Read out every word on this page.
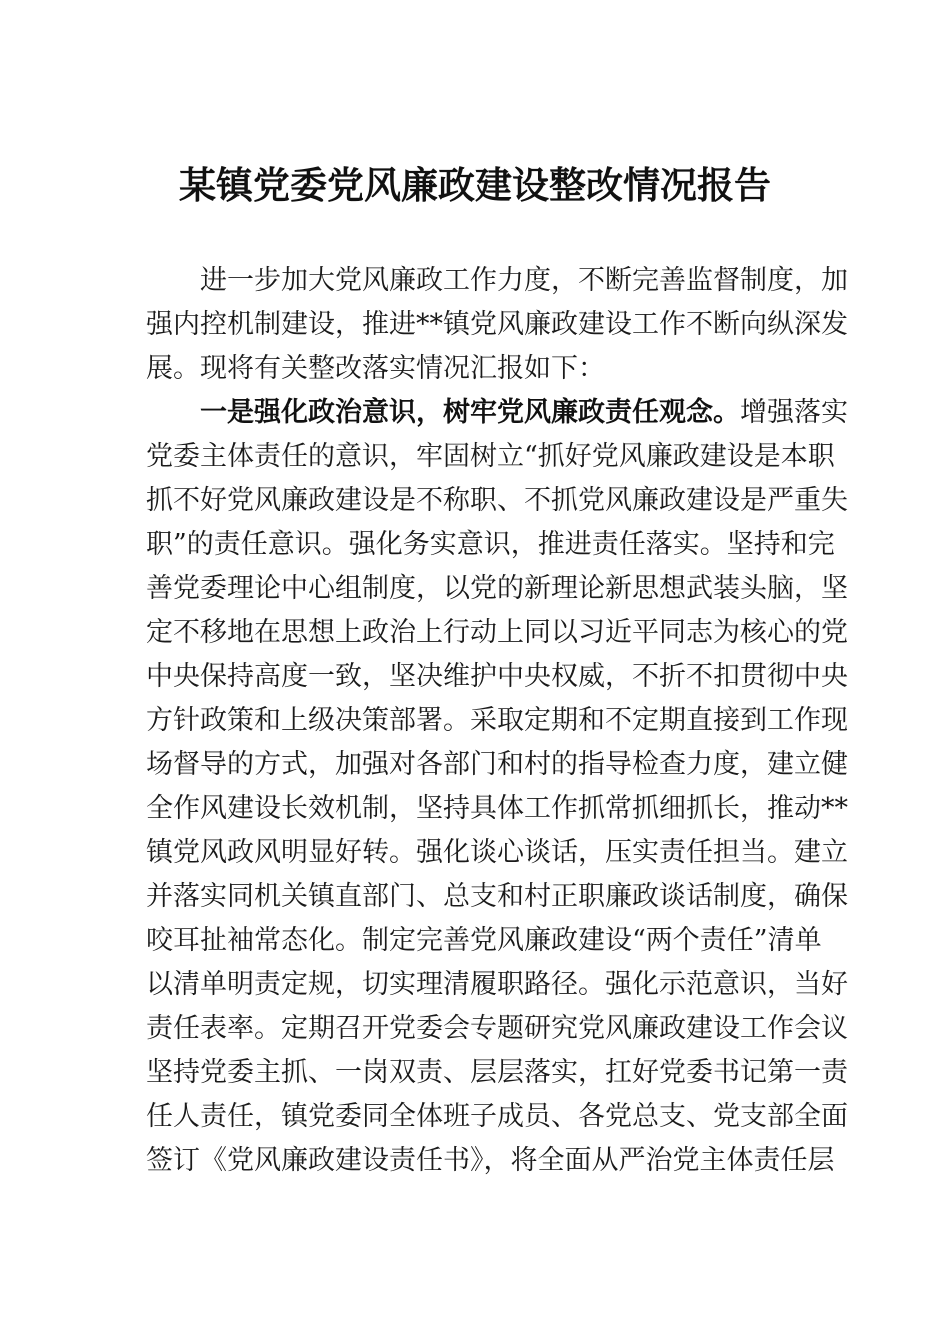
某镇党委党风廉政建设整改情况报告
进一步加大党风廉政工作力度，不断完善监督制度，加
强内控机制建设，推进**镇党风廉政建设工作不断向纵深发
展。现将有关整改落实情况汇报如下：
一是强化政治意识，树牢党风廉政责任观念。增强落实
党委主体责任的意识，牢固树立“抓好党风廉政建设是本职
抓不好党风廉政建设是不称职、不抓党风廉政建设是严重失
职”的责任意识。强化务实意识，推进责任落实。坚持和完
善党委理论中心组制度，以党的新理论新思想武装头脑，坚
定不移地在思想上政治上行动上同以习近平同志为核心的党
中央保持高度一致，坚决维护中央权威，不折不扣贯彻中央
方针政策和上级决策部署。采取定期和不定期直接到工作现
场督导的方式，加强对各部门和村的指导检查力度，建立健
全作风建设长效机制，坚持具体工作抓常抓细抓长，推动**
镇党风政风明显好转。强化谈心谈话，压实责任担当。建立
并落实同机关镇直部门、总支和村正职廉政谈话制度，确保
咬耳扯袖常态化。制定完善党风廉政建设“两个责任”清单
以清单明责定规，切实理清履职路径。强化示范意识，当好
责任表率。定期召开党委会专题研究党风廉政建设工作会议
坚持党委主抓、一岗双责、层层落实，扛好党委书记第一责
任人责任，镇党委同全体班子成员、各党总支、党支部全面
签订《党风廉政建设责任书》，将全面从严治党主体责任层
